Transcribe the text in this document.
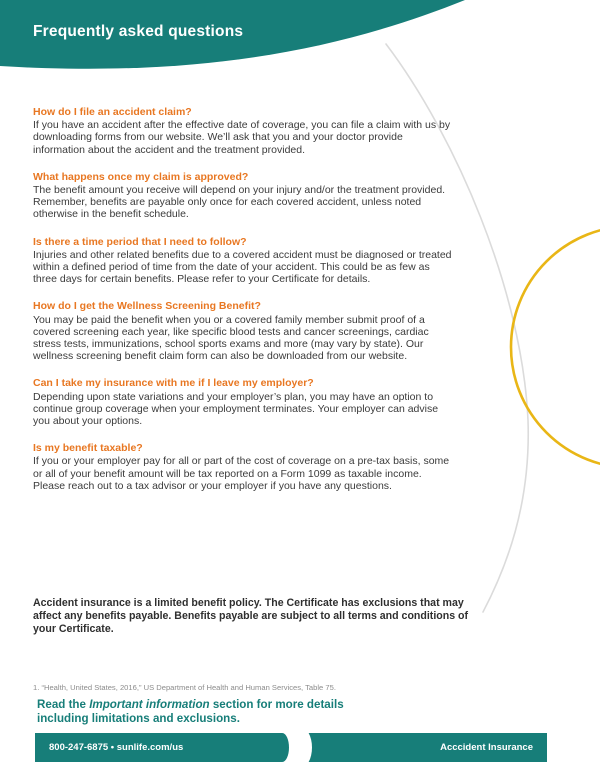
Frequently asked questions
How do I file an accident claim?

If you have an accident after the effective date of coverage, you can file a claim with us by downloading forms from our website. We’ll ask that you and your doctor provide information about the accident and the treatment provided.

What happens once my claim is approved?

The benefit amount you receive will depend on your injury and/or the treatment provided. Remember, benefits are payable only once for each covered accident, unless noted otherwise in the benefit schedule.

Is there a time period that I need to follow?

Injuries and other related benefits due to a covered accident must be diagnosed or treated within a defined period of time from the date of your accident. This could be as few as three days for certain benefits. Please refer to your Certificate for details.

How do I get the Wellness Screening Benefit?

You may be paid the benefit when you or a covered family member submit proof of a covered screening each year, like specific blood tests and cancer screenings, cardiac stress tests, immunizations, school sports exams and more (may vary by state). Our wellness screening benefit claim form can also be downloaded from our website.

Can I take my insurance with me if I leave my employer?

Depending upon state variations and your employer’s plan, you may have an option to continue group coverage when your employment terminates. Your employer can advise you about your options.

Is my benefit taxable?

If you or your employer pay for all or part of the cost of coverage on a pre-tax basis, some or all of your benefit amount will be tax reported on a Form 1099 as taxable income. Please reach out to a tax advisor or your employer if you have any questions.

Accident insurance is a limited benefit policy. The Certificate has exclusions that may affect any benefits payable. Benefits payable are subject to all terms and conditions of your Certificate.
1. “Health, United States, 2016,” US Department of Health and Human Services, Table 75.
Read the Important information section for more details including limitations and exclusions.
800-247-6875 • sunlife.com/us	Acccident Insurance
